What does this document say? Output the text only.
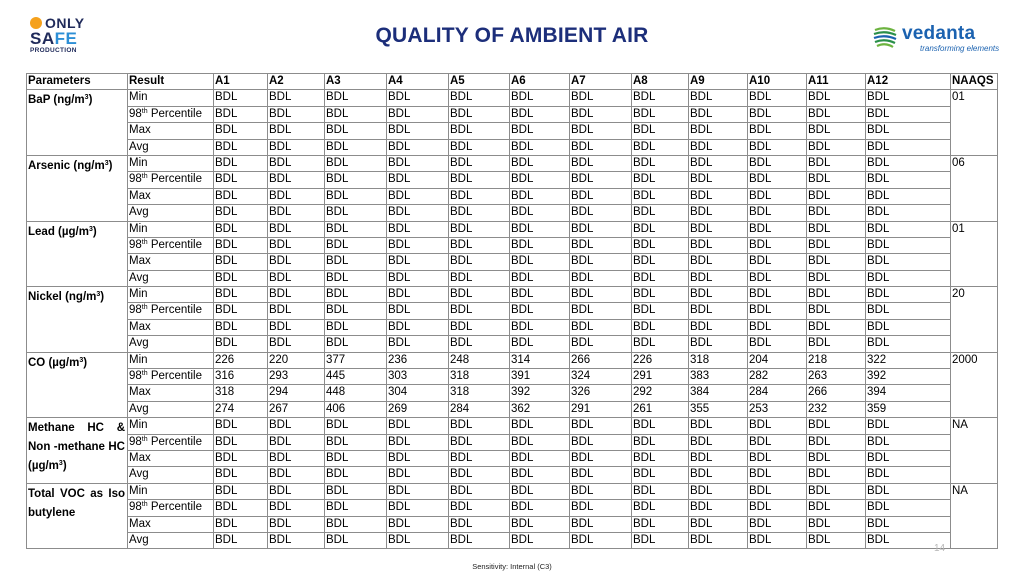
ONLY
SAFE
PRODUCTION
QUALITY OF AMBIENT AIR	vedanta
transforming elements
Parameters	Result	A1	A2	A3	A4	A5	A6	A7	A8	A9	A10	A11	A12	NAAQS
BaP $(ng/m^3)$	Min	BDL	BDL	BDL	BDL	BDL	BDL	BDL	BDL	BDL	BDL	BDL	BDL	01
	98th Percentile	BDL	BDL	BDL	BDL	BDL	BDL	BDL	BDL	BDL	BDL	BDL	BDL	
	Max	BDL	BDL	BDL	BDL	BDL	BDL	BDL	BDL	BDL	BDL	BDL	BDL	
	Avg	BDL	BDL	BDL	BDL	BDL	BDL	BDL	BDL	BDL	BDL	BDL	BDL	
Arsenic $(ng/m^3)$	Min	BDL	BDL	BDL	BDL	BDL	BDL	BDL	BDL	BDL	BDL	BDL	BDL	06
	98th Percentile	BDL	BDL	BDL	BDL	BDL	BDL	BDL	BDL	BDL	BDL	BDL	BDL	
	Max	BDL	BDL	BDL	BDL	BDL	BDL	BDL	BDL	BDL	BDL	BDL	BDL	
	Avg	BDL	BDL	BDL	BDL	BDL	BDL	BDL	BDL	BDL	BDL	BDL	BDL	
Lead $(\mu g/m^3)$	Min	BDL	BDL	BDL	BDL	BDL	BDL	BDL	BDL	BDL	BDL	BDL	BDL	01
	98th Percentile	BDL	BDL	BDL	BDL	BDL	BDL	BDL	BDL	BDL	BDL	BDL	BDL	
	Max	BDL	BDL	BDL	BDL	BDL	BDL	BDL	BDL	BDL	BDL	BDL	BDL	
	Avg	BDL	BDL	BDL	BDL	BDL	BDL	BDL	BDL	BDL	BDL	BDL	BDL	
Nickel $(ng/m^3)$	Min	BDL	BDL	BDL	BDL	BDL	BDL	BDL	BDL	BDL	BDL	BDL	BDL	20
	98th Percentile	BDL	BDL	BDL	BDL	BDL	BDL	BDL	BDL	BDL	BDL	BDL	BDL	
	Max	BDL	BDL	BDL	BDL	BDL	BDL	BDL	BDL	BDL	BDL	BDL	BDL	
	Avg	BDL	BDL	BDL	BDL	BDL	BDL	BDL	BDL	BDL	BDL	BDL	BDL	
CO $(\mu g/m^3)$	Min	226	220	377	236	248	314	266	226	318	204	218	322	2000
	98th Percentile	316	293	445	303	318	391	324	291	383	282	263	392	
	Max	318	294	448	304	318	392	326	292	384	284	266	394	
	Avg	274	267	406	269	284	362	291	261	355	253	232	359	
Methane HC & Non -methane HC $(\mu g/m^3)$	Min	BDL	BDL	BDL	BDL	BDL	BDL	BDL	BDL	BDL	BDL	BDL	BDL	NA
	98th Percentile	BDL	BDL	BDL	BDL	BDL	BDL	BDL	BDL	BDL	BDL	BDL	BDL	
	Max	BDL	BDL	BDL	BDL	BDL	BDL	BDL	BDL	BDL	BDL	BDL	BDL	
	Avg	BDL	BDL	BDL	BDL	BDL	BDL	BDL	BDL	BDL	BDL	BDL	BDL	
Total VOC as Iso butylene	Min	BDL	BDL	BDL	BDL	BDL	BDL	BDL	BDL	BDL	BDL	BDL	BDL	NA
	98th Percentile	BDL	BDL	BDL	BDL	BDL	BDL	BDL	BDL	BDL	BDL	BDL	BDL	
	Max	BDL	BDL	BDL	BDL	BDL	BDL	BDL	BDL	BDL	BDL	BDL	BDL	
	Avg	BDL	BDL	BDL	BDL	BDL	BDL	BDL	BDL	BDL	BDL	BDL	BDL	
14
Sensitivity: Internal (C3)
